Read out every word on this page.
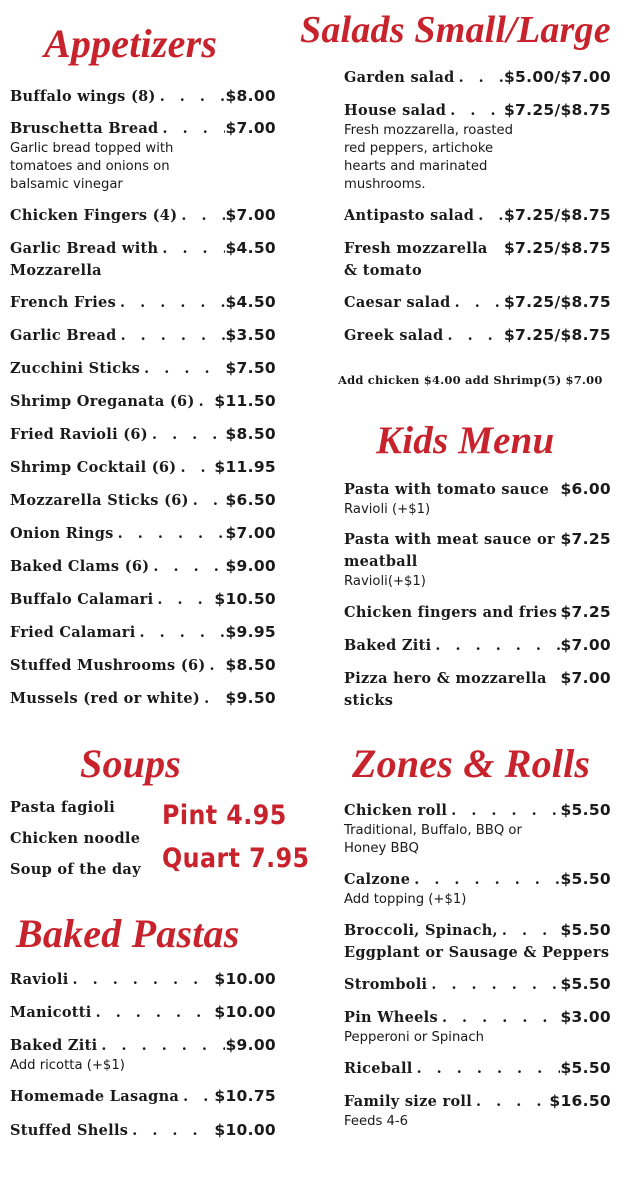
Appetizers
Buffalo wings (8) . . .	$8.00
Bruschetta Bread . . .	$7.00
Garlic bread topped with tomatoes and onions on balsamic vinegar
Chicken Fingers (4) . . .	$7.00
Garlic Bread with . . .	$4.50
Mozzarella
French Fries . . .	$4.50
Garlic Bread . . .	$3.50
Zucchini Sticks . . .	$7.50
Shrimp Oreganata (6) . . . $11.50
Fried Ravioli (6) . . .	$8.50
Shrimp Cocktail (6) . . . $11.95
Mozzarella Sticks (6) . . . $6.50
Onion Rings . . .	$7.00
Baked Clams (6) . . .	$9.00
Buffalo Calamari . . .	$10.50
Fried Calamari . . .	$9.95
Stuffed Mushrooms (6) . . . $8.50
Mussels (red or white) . . . $9.50
Salads Small/Large
Garden salad . . .	$5.00/$7.00
House salad . . .	$7.25/$8.75
Fresh mozzarella, roasted red peppers, artichoke hearts and marinated mushrooms.
Antipasto salad . . . $7.25/$8.75
Fresh mozzarella $7.25/$8.75
& tomato
Caesar salad . . .	$7.25/$8.75
Greek salad . . .	$7.25/$8.75
Add chicken $4.00 add Shrimp(5) $7.00
Kids Menu
Pasta with tomato sauce $6.00
Ravioli (+$1)
Pasta with meat sauce or $7.25
meatball
Ravioli(+$1)
Chicken fingers and fries $7.25
Baked Ziti . . .	$7.00
Pizza hero & mozzarella $7.00
sticks
Soups
Pasta fagioli
Chicken noodle
Soup of the day
Pint 4.95
Quart 7.95
Baked Pastas
Ravioli . . .	$10.00
Manicotti . . .	$10.00
Baked Ziti . . .	$9.00
Add ricotta (+$1)
Homemade Lasagna . . . $10.75
Stuffed Shells . . .	$10.00
Zones & Rolls
Chicken roll . . .	$5.50
Traditional, Buffalo, BBQ or Honey BBQ
Calzone . . .	$5.50
Add topping (+$1)
Broccoli, Spinach, . . .	$5.50
Eggplant or Sausage & Peppers
Stromboli . . .	$5.50
Pin Wheels . . .	$3.00
Pepperoni or Spinach
Riceball . . .	$5.50
Family size roll . . .	$16.50
Feeds 4-6
